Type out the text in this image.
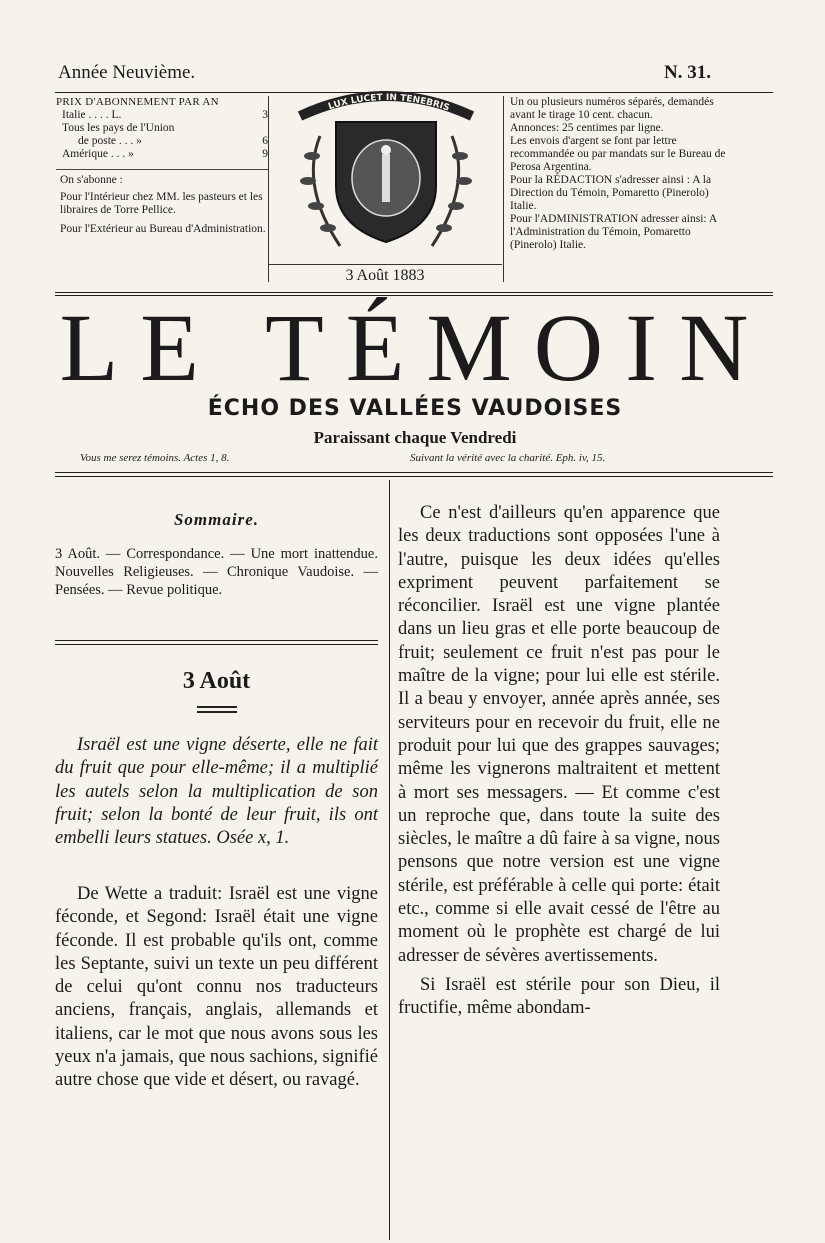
Année Neuvième.	N. 31.
PRIX D'ABONNEMENT PAR AN
Italie . . . . L.	3
Tous les pays de l'Union
de poste . . . »	6
Amérique . . . »	9
On s'abonne :
Pour l'Intérieur chez MM. les pasteurs et les libraires de Torre Pellice.
Pour l'Extérieur au Bureau d'Administration.
LUX LUCET IN TENEBRIS	Un ou plusieurs numéros séparés, demandés avant le tirage 10 cent. chacun.
Annonces: 25 centimes par ligne.
Les envois d'argent se font par lettre recommandée ou par mandats sur le Bureau de Perosa Argentina.
Pour la RÉDACTION s'adresser ainsi : A la Direction du Témoin, Pomaretto (Pinerolo) Italie.
Pour l'ADMINISTRATION adresser ainsi: A l'Administration du Témoin, Pomaretto (Pinerolo) Italie.
3 Août 1883
LE TÉMOIN
ÉCHO DES VALLÉES VAUDOISES
Paraissant chaque Vendredi
Vous me serez témoins. Actes 1, 8.	Suivant la vérité avec la charité. Eph. iv, 15.
Sommaire.
3 Août. — Correspondance. — Une mort inattendue. Nouvelles Religieuses. — Chronique Vaudoise. — Pensées. — Revue politique.
3 Août
Israël est une vigne déserte, elle ne fait du fruit que pour elle-même; il a multiplié les autels selon la multiplication de son fruit; selon la bonté de leur fruit, ils ont embelli leurs statues. Osée x, 1.
De Wette a traduit: Israël est une vigne féconde, et Segond: Israël était une vigne féconde. Il est probable qu'ils ont, comme les Septante, suivi un texte un peu différent de celui qu'ont connu nos traducteurs anciens, français, anglais, allemands et italiens, car le mot que nous avons sous les yeux n'a jamais, que nous sachions, signifié autre chose que vide et désert, ou ravagé.

Ce n'est d'ailleurs qu'en apparence que les deux traductions sont opposées l'une à l'autre, puisque les deux idées qu'elles expriment peuvent parfaitement se réconcilier. Israël est une vigne plantée dans un lieu gras et elle porte beaucoup de fruit; seulement ce fruit n'est pas pour le maître de la vigne; pour lui elle est stérile. Il a beau y envoyer, année après année, ses serviteurs pour en recevoir du fruit, elle ne produit pour lui que des grappes sauvages; même les vignerons maltraitent et mettent à mort ses messagers. — Et comme c'est un reproche que, dans toute la suite des siècles, le maître a dû faire à sa vigne, nous pensons que notre version est une vigne stérile, est préférable à celle qui porte: était etc., comme si elle avait cessé de l'être au moment où le prophète est chargé de lui adresser de sévères avertissements.

Si Israël est stérile pour son Dieu, il fructifie, même abondam-
